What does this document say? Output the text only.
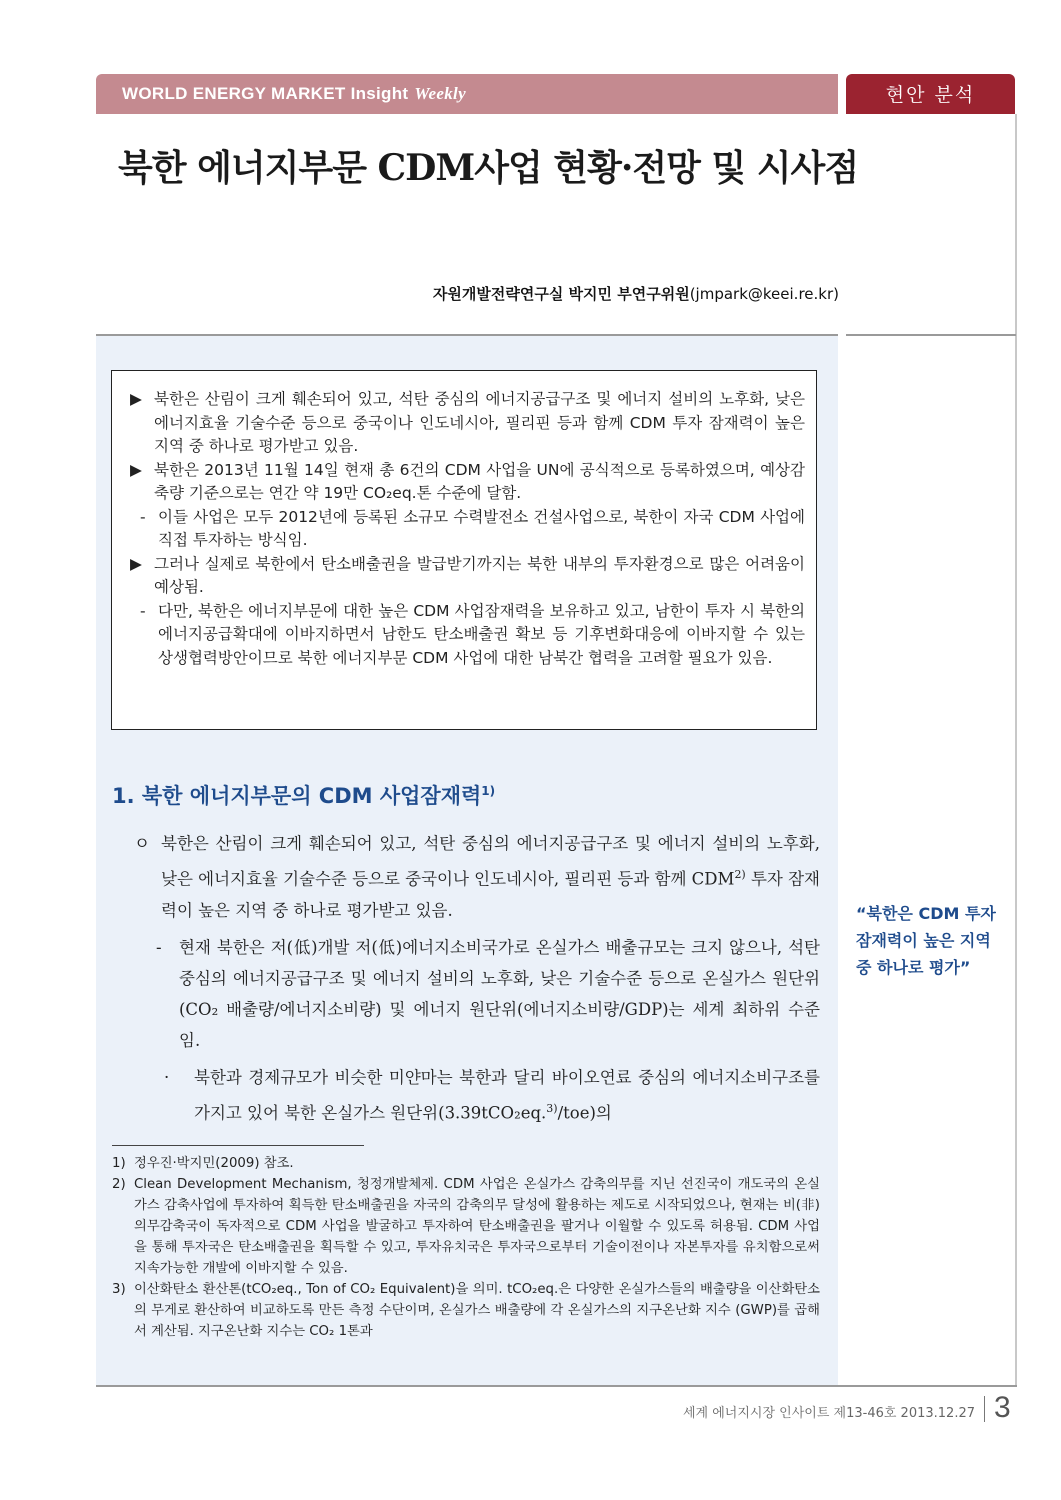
WORLD ENERGY MARKET Insight Weekly	현안 분석
북한 에너지부문 CDM사업 현황·전망 및 시사점
자원개발전략연구실 박지민 부연구위원(jmpark@keei.re.kr)
▶ 북한은 산림이 크게 훼손되어 있고, 석탄 중심의 에너지공급구조 및 에너지 설비의 노후화, 낮은 에너지효율 기술수준 등으로 중국이나 인도네시아, 필리핀 등과 함께 CDM 투자 잠재력이 높은 지역 중 하나로 평가받고 있음.
▶ 북한은 2013년 11월 14일 현재 총 6건의 CDM 사업을 UN에 공식적으로 등록하였으며, 예상감축량 기준으로는 연간 약 19만 CO₂eq.톤 수준에 달함.
- 이들 사업은 모두 2012년에 등록된 소규모 수력발전소 건설사업으로, 북한이 자국 CDM 사업에 직접 투자하는 방식임.
▶ 그러나 실제로 북한에서 탄소배출권을 발급받기까지는 북한 내부의 투자환경으로 많은 어려움이 예상됨.
- 다만, 북한은 에너지부문에 대한 높은 CDM 사업잠재력을 보유하고 있고, 남한이 투자 시 북한의 에너지공급확대에 이바지하면서 남한도 탄소배출권 확보 등 기후변화대응에 이바지할 수 있는 상생협력방안이므로 북한 에너지부문 CDM 사업에 대한 남북간 협력을 고려할 필요가 있음.
1. 북한 에너지부문의 CDM 사업잠재력$^{1)}$
ㅇ 북한은 산림이 크게 훼손되어 있고, 석탄 중심의 에너지공급구조 및 에너지 설비의 노후화, 낮은 에너지효율 기술수준 등으로 중국이나 인도네시아, 필리핀 등과 함께 CDM$^{2)}$ 투자 잠재력이 높은 지역 중 하나로 평가받고 있음.
- 현재 북한은 저(低)개발 저(低)에너지소비국가로 온실가스 배출규모는 크지 않으나, 석탄 중심의 에너지공급구조 및 에너지 설비의 노후화, 낮은 기술수준 등으로 온실가스 원단위(CO₂ 배출량/에너지소비량) 및 에너지 원단위(에너지소비량/GDP)는 세계 최하위 수준임.
· 북한과 경제규모가 비슷한 미얀마는 북한과 달리 바이오연료 중심의 에너지소비구조를 가지고 있어 북한 온실가스 원단위(3.39tCO₂eq.$^{3)}$/toe)의
1) 정우진·박지민(2009) 참조.
2) Clean Development Mechanism, 청정개발체제. CDM 사업은 온실가스 감축의무를 지닌 선진국이 개도국의 온실가스 감축사업에 투자하여 획득한 탄소배출권을 자국의 감축의무 달성에 활용하는 제도로 시작되었으나, 현재는 비(非)의무감축국이 독자적으로 CDM 사업을 발굴하고 투자하여 탄소배출권을 팔거나 이월할 수 있도록 허용됨. CDM 사업을 통해 투자국은 탄소배출권을 획득할 수 있고, 투자유치국은 투자국으로부터 기술이전이나 자본투자를 유치함으로써 지속가능한 개발에 이바지할 수 있음.
3) 이산화탄소 환산톤(tCO₂eq., Ton of CO₂ Equivalent)을 의미. tCO₂eq.은 다양한 온실가스들의 배출량을 이산화탄소의 무게로 환산하여 비교하도록 만든 측정 수단이며, 온실가스 배출량에 각 온실가스의 지구온난화 지수 (GWP)를 곱해서 계산됨. 지구온난화 지수는 CO₂ 1톤과
“북한은 CDM 투자 잠재력이 높은 지역 중 하나로 평가”
세계 에너지시장 인사이트 제13-46호 2013.12.27 3
